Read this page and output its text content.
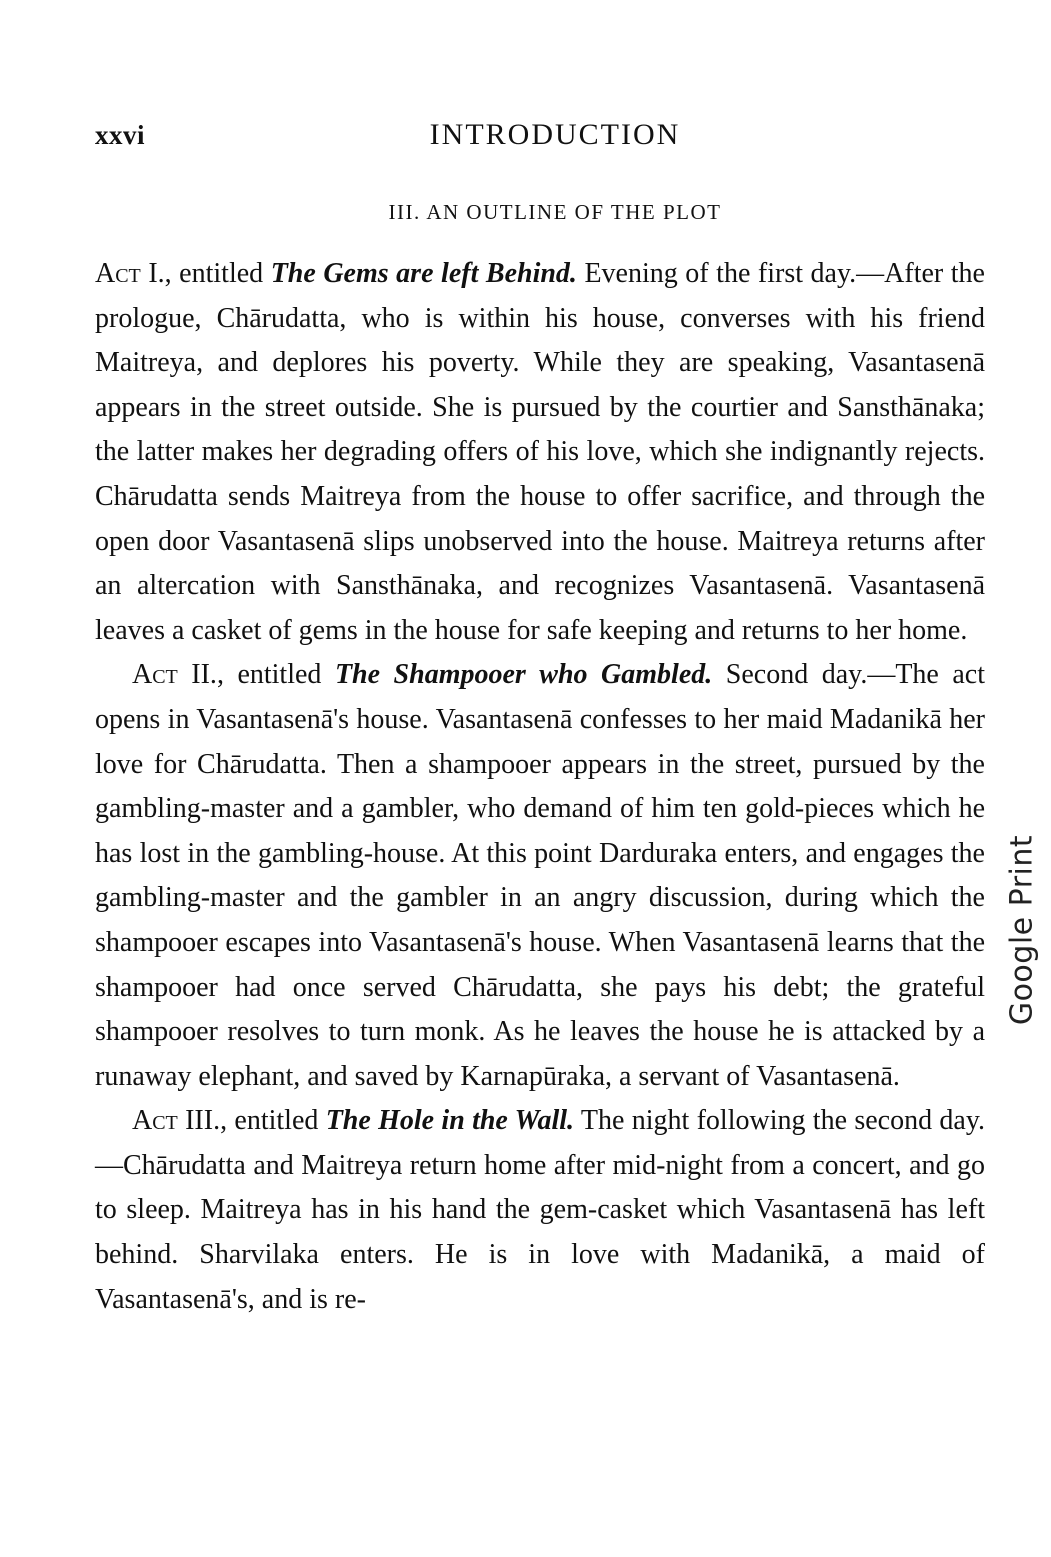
xxvi	INTRODUCTION
III. AN OUTLINE OF THE PLOT

Act I., entitled The Gems are left Behind. Evening of the first day.—After the prologue, Chārudatta, who is within his house, converses with his friend Maitreya, and deplores his poverty. While they are speaking, Vasantasenā appears in the street outside. She is pursued by the courtier and Sansthānaka; the latter makes her degrading offers of his love, which she indignantly rejects. Chārudatta sends Maitreya from the house to offer sacrifice, and through the open door Vasantasenā slips unobserved into the house. Maitreya returns after an altercation with Sansthānaka, and recognizes Vasantasenā. Vasantasenā leaves a casket of gems in the house for safe keeping and returns to her home.

Act II., entitled The Shampooer who Gambled. Second day.—The act opens in Vasantasenā's house. Vasantasenā confesses to her maid Madanikā her love for Chārudatta. Then a shampooer appears in the street, pursued by the gambling-master and a gambler, who demand of him ten gold-pieces which he has lost in the gambling-house. At this point Darduraka enters, and engages the gambling-master and the gambler in an angry discussion, during which the shampooer escapes into Vasantasenā's house. When Vasantasenā learns that the shampooer had once served Chārudatta, she pays his debt; the grateful shampooer resolves to turn monk. As he leaves the house he is attacked by a runaway elephant, and saved by Karnapūraka, a servant of Vasantasenā.

Act III., entitled The Hole in the Wall. The night following the second day.—Chārudatta and Maitreya return home after mid-night from a concert, and go to sleep. Maitreya has in his hand the gem-casket which Vasantasenā has left behind. Sharvilaka enters. He is in love with Madanikā, a maid of Vasantasenā's, and is re-

Google Print
